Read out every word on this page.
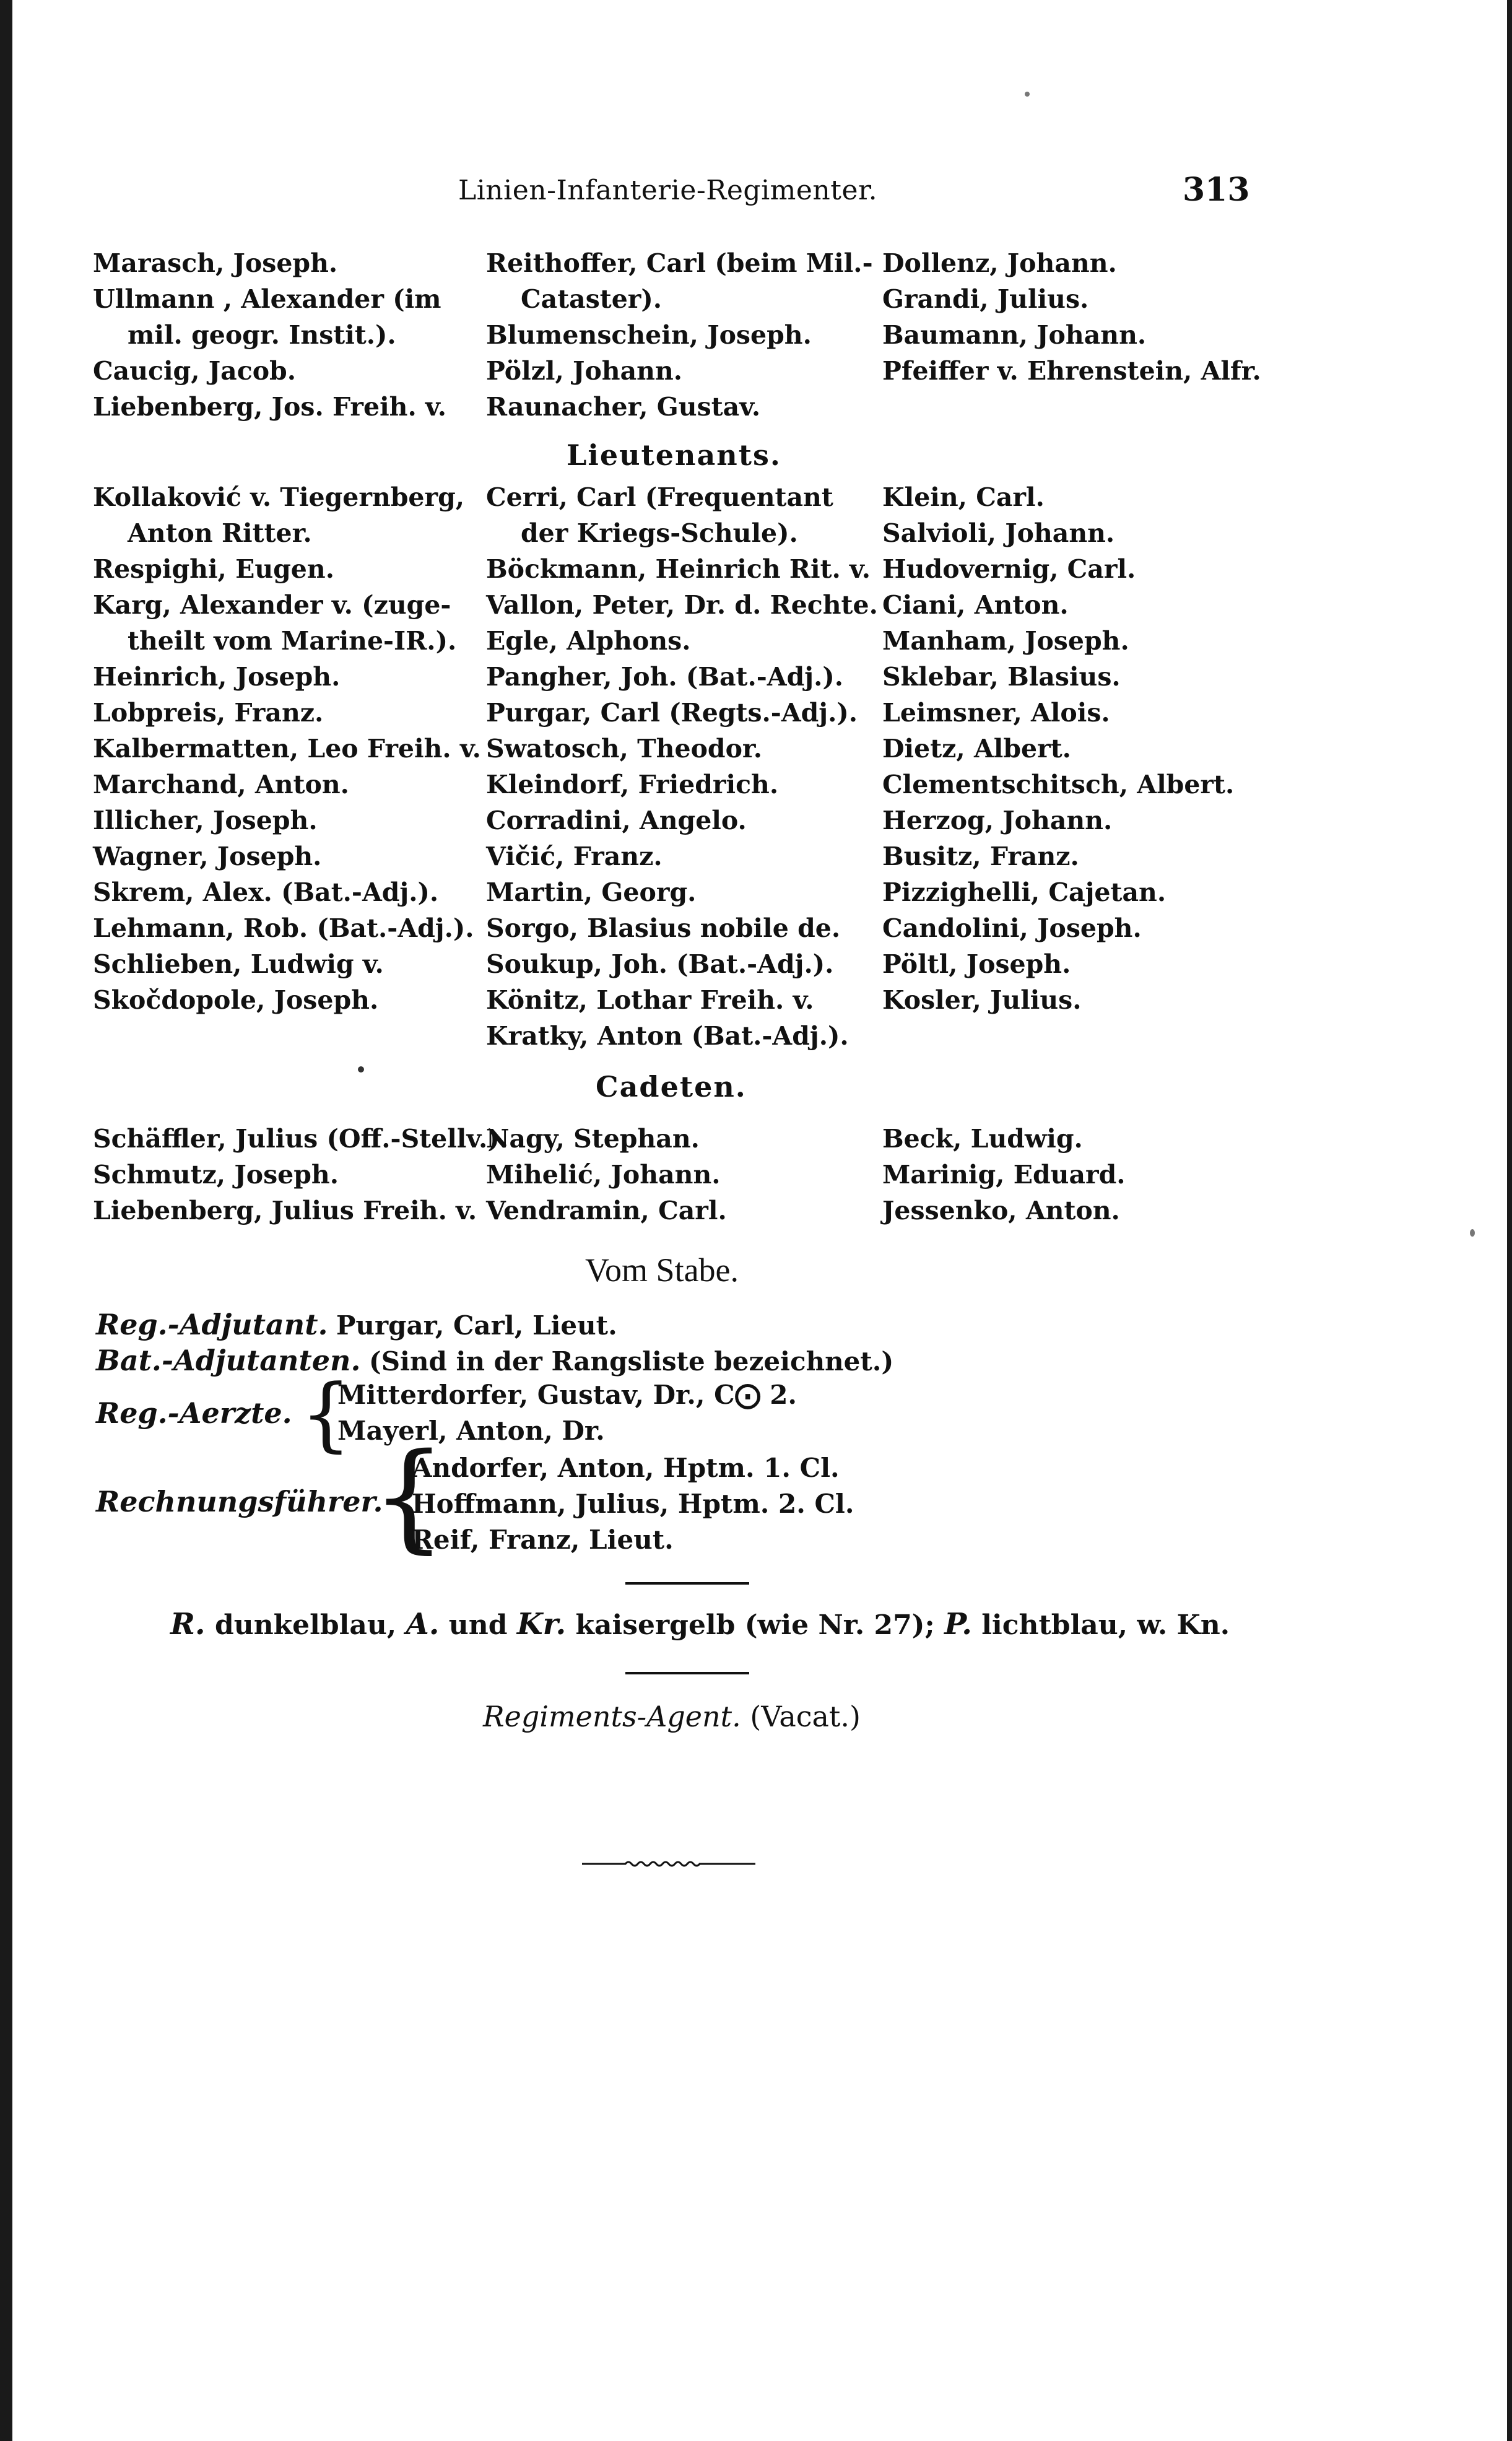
Linien-Infanterie-Regimenter.	313
Marasch, Joseph.
Ullmann , Alexander (im
mil. geogr. Instit.).
Caucig, Jacob.
Liebenberg, Jos. Freih. v.
Reithoffer, Carl (beim Mil.-
Cataster).
Blumenschein, Joseph.
Pölzl, Johann.
Raunacher, Gustav.
Dollenz, Johann.
Grandi, Julius.
Baumann, Johann.
Pfeiffer v. Ehrenstein, Alfr.
Lieutenants.
Kollaković v. Tiegernberg,
Anton Ritter.
Respighi, Eugen.
Karg, Alexander v. (zuge-
theilt vom Marine-IR.).
Heinrich, Joseph.
Lobpreis, Franz.
Kalbermatten, Leo Freih. v.
Marchand, Anton.
Illicher, Joseph.
Wagner, Joseph.
Skrem, Alex. (Bat.-Adj.).
Lehmann, Rob. (Bat.-Adj.).
Schlieben, Ludwig v.
Skočdopole, Joseph.
Cerri, Carl (Frequentant
der Kriegs-Schule).
Böckmann, Heinrich Rit. v.
Vallon, Peter, Dr. d. Rechte.
Egle, Alphons.
Pangher, Joh. (Bat.-Adj.).
Purgar, Carl (Regts.-Adj.).
Swatosch, Theodor.
Kleindorf, Friedrich.
Corradini, Angelo.
Vičić, Franz.
Martin, Georg.
Sorgo, Blasius nobile de.
Soukup, Joh. (Bat.-Adj.).
Könitz, Lothar Freih. v.
Kratky, Anton (Bat.-Adj.).
Klein, Carl.
Salvioli, Johann.
Hudovernig, Carl.
Ciani, Anton.
Manham, Joseph.
Sklebar, Blasius.
Leimsner, Alois.
Dietz, Albert.
Clementschitsch, Albert.
Herzog, Johann.
Busitz, Franz.
Pizzighelli, Cajetan.
Candolini, Joseph.
Pöltl, Joseph.
Kosler, Julius.
Cadeten.
Schäffler, Julius (Off.-Stellv.).
Schmutz, Joseph.
Liebenberg, Julius Freih. v.
Nagy, Stephan.
Mihelić, Johann.
Vendramin, Carl.
Beck, Ludwig.
Marinig, Eduard.
Jessenko, Anton.
Vom Stabe.
Reg.-Adjutant. Purgar, Carl, Lieut.
Bat.-Adjutanten. (Sind in der Rangsliste bezeichnet.)
Reg.-Aerzte. {
Mitterdorfer, Gustav, Dr., C⨀ 2.
Mayerl, Anton, Dr.
Rechnungsführer.
{
Andorfer, Anton, Hptm. 1. Cl.
Hoffmann, Julius, Hptm. 2. Cl.
Reif, Franz, Lieut.
R. dunkelblau, A. und Kr. kaisergelb (wie Nr. 27); P. lichtblau, w. Kn.
Regiments-Agent. (Vacat.)
